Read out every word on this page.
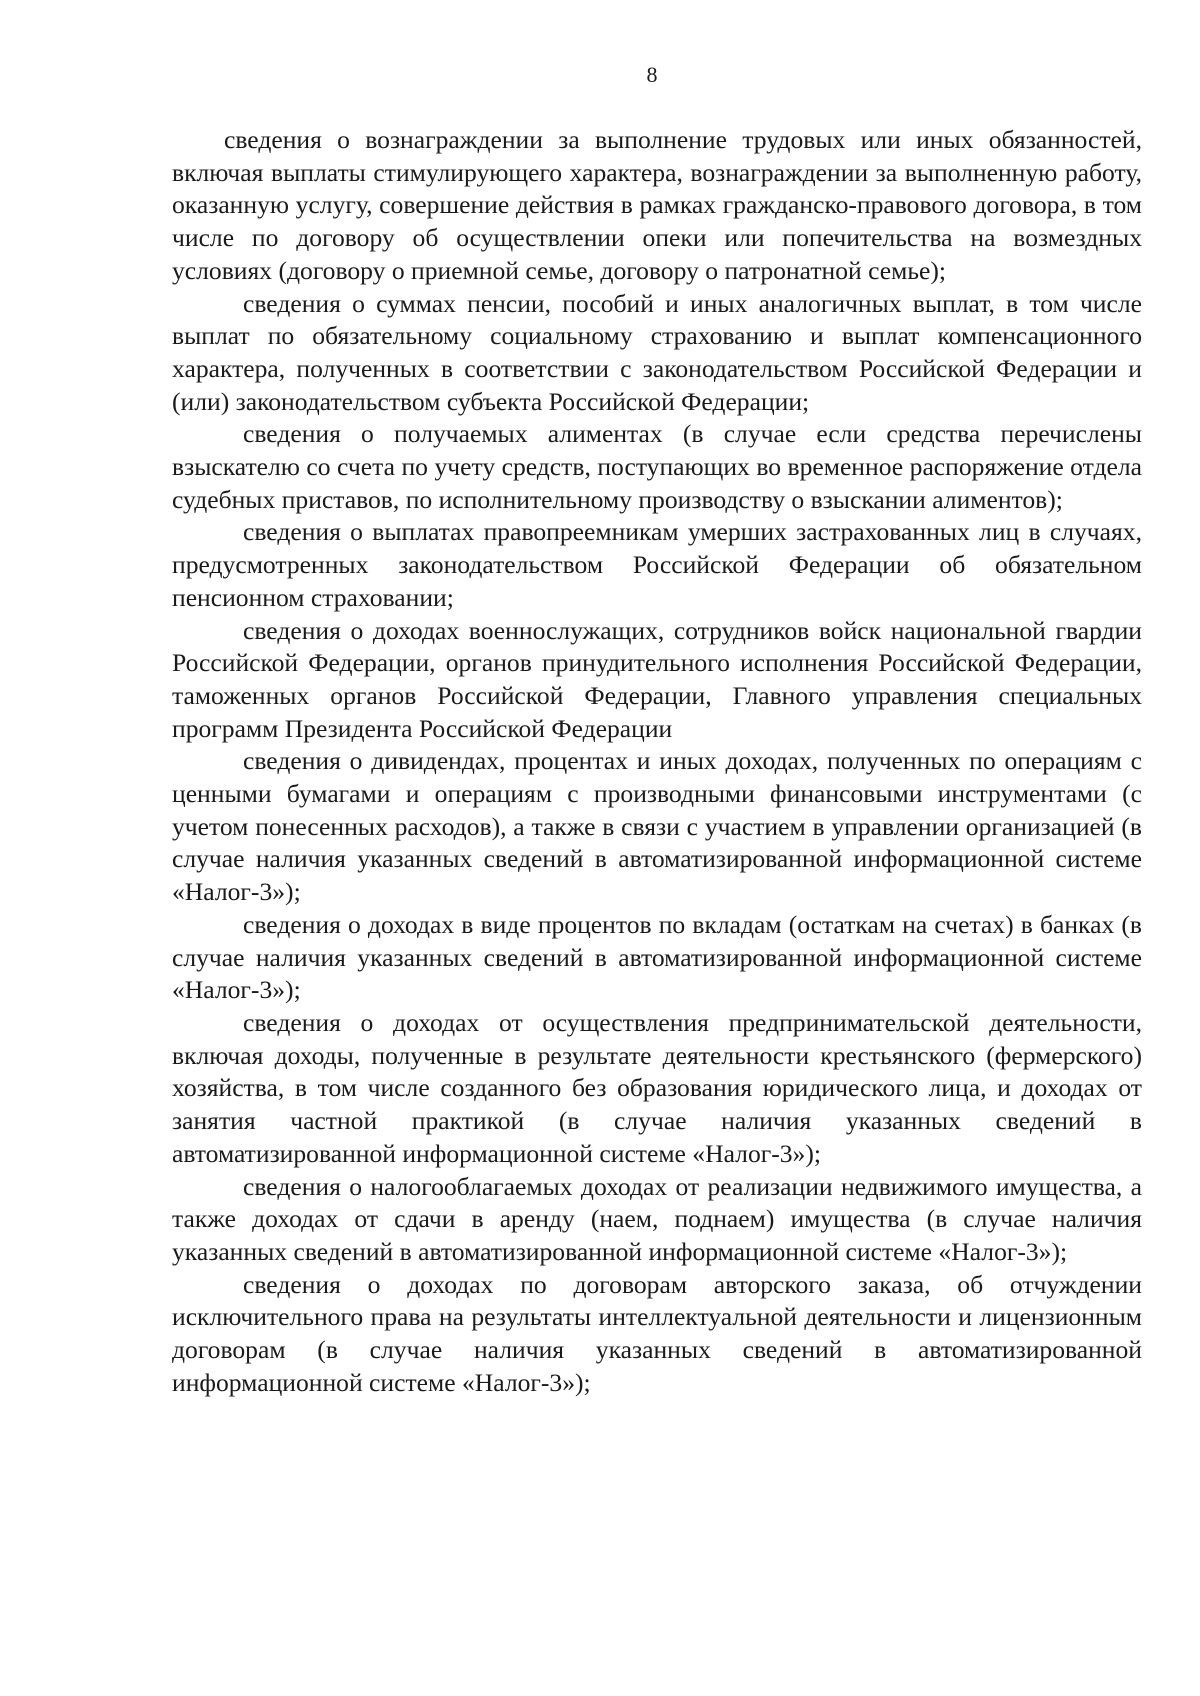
8

сведения о вознаграждении за выполнение трудовых или иных обязанностей, включая выплаты стимулирующего характера, вознаграждении за выполненную работу, оказанную услугу, совершение действия в рамках гражданско-правового договора, в том числе по договору об осуществлении опеки или попечительства на возмездных условиях (договору о приемной семье, договору о патронатной семье);

сведения о суммах пенсии, пособий и иных аналогичных выплат, в том числе выплат по обязательному социальному страхованию и выплат компенсационного характера, полученных в соответствии с законодательством Российской Федерации и (или) законодательством субъекта Российской Федерации;

сведения о получаемых алиментах (в случае если средства перечислены взыскателю со счета по учету средств, поступающих во временное распоряжение отдела судебных приставов, по исполнительному производству о взыскании алиментов);

сведения о выплатах правопреемникам умерших застрахованных лиц в случаях, предусмотренных законодательством Российской Федерации об обязательном пенсионном страховании;

сведения о доходах военнослужащих, сотрудников войск национальной гвардии Российской Федерации, органов принудительного исполнения Российской Федерации, таможенных органов Российской Федерации, Главного управления специальных программ Президента Российской Федерации

сведения о дивидендах, процентах и иных доходах, полученных по операциям с ценными бумагами и операциям с производными финансовыми инструментами (с учетом понесенных расходов), а также в связи с участием в управлении организацией (в случае наличия указанных сведений в автоматизированной информационной системе «Налог-3»);

сведения о доходах в виде процентов по вкладам (остаткам на счетах) в банках (в случае наличия указанных сведений в автоматизированной информационной системе «Налог-3»);

сведения о доходах от осуществления предпринимательской деятельности, включая доходы, полученные в результате деятельности крестьянского (фермерского) хозяйства, в том числе созданного без образования юридического лица, и доходах от занятия частной практикой (в случае наличия указанных сведений в автоматизированной информационной системе «Налог-3»);

сведения о налогооблагаемых доходах от реализации недвижимого имущества, а также доходах от сдачи в аренду (наем, поднаем) имущества (в случае наличия указанных сведений в автоматизированной информационной системе «Налог-3»);

сведения о доходах по договорам авторского заказа, об отчуждении исключительного права на результаты интеллектуальной деятельности и лицензионным договорам (в случае наличия указанных сведений в автоматизированной информационной системе «Налог-3»);
